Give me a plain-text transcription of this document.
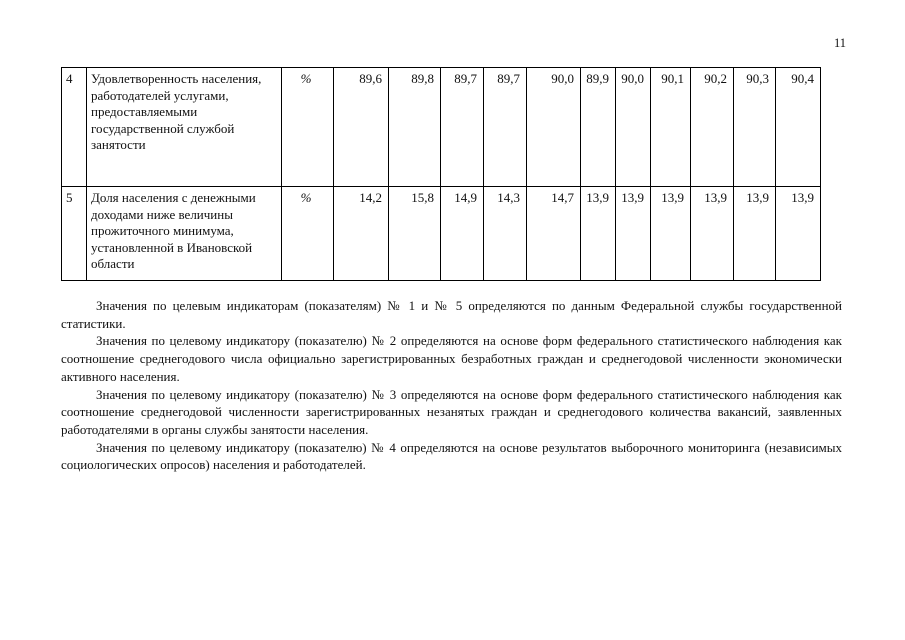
11
4	Удовлетворенность населения, работодателей услугами, предоставляемыми государственной службой занятости	%	89,6	89,8	89,7	89,7	90,0	89,9	90,0	90,1	90,2	90,3	90,4
5	Доля населения с денежными доходами ниже величины прожиточного минимума, установленной в Ивановской области	%	14,2	15,8	14,9	14,3	14,7	13,9	13,9	13,9	13,9	13,9	13,9

Значения по целевым индикаторам (показателям) № 1 и № 5 определяются по данным Федеральной службы государственной статистики.

Значения по целевому индикатору (показателю) № 2 определяются на основе форм федерального статистического наблюдения как соотношение среднегодового числа официально зарегистрированных безработных граждан и среднегодовой численности экономически активного населения.

Значения по целевому индикатору (показателю) № 3 определяются на основе форм федерального статистического наблюдения как соотношение среднегодовой численности зарегистрированных незанятых граждан и среднегодового количества вакансий, заявленных работодателями в органы службы занятости населения.

Значения по целевому индикатору (показателю) № 4 определяются на основе результатов выборочного мониторинга (независимых социологических опросов) населения и работодателей.
